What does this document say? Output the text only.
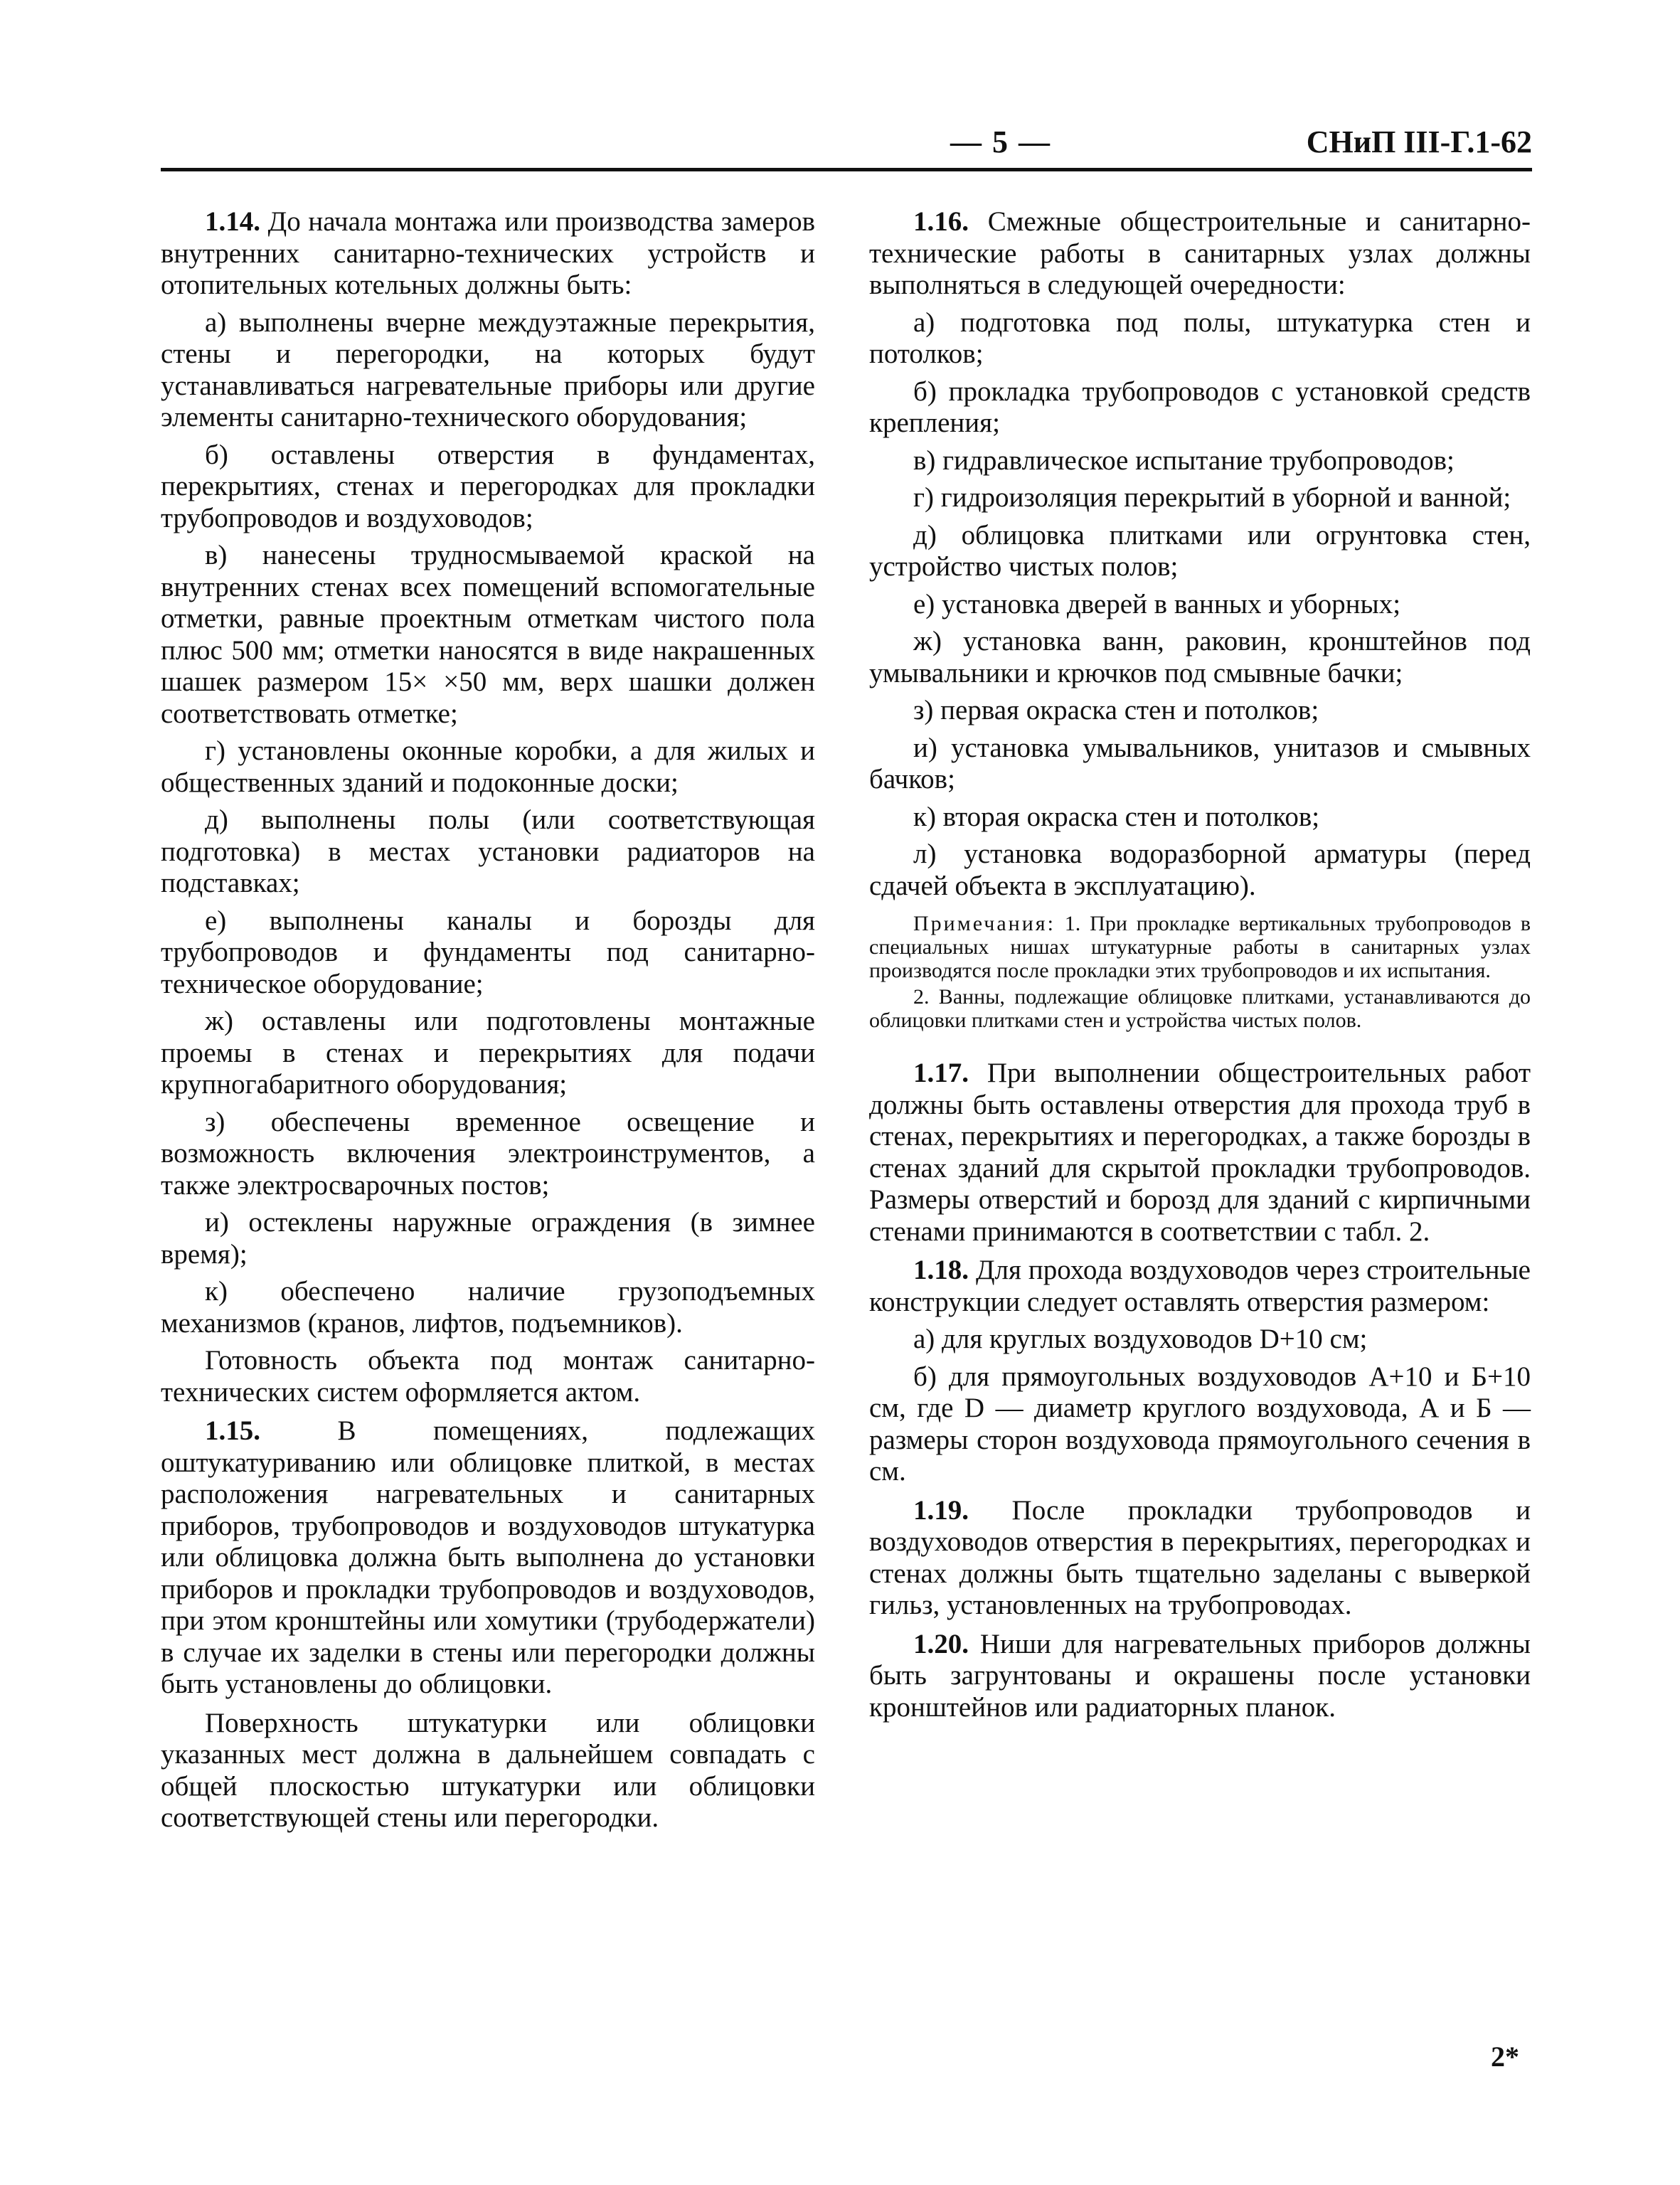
— 5 —	СНиП III-Г.1-62

1.14. До начала монтажа или производства замеров внутренних санитарно-технических устройств и отопительных котельных должны быть:

а) выполнены вчерне междуэтажные перекрытия, стены и перегородки, на которых будут устанавливаться нагревательные приборы или другие элементы санитарно-технического оборудования;

б) оставлены отверстия в фундаментах, перекрытиях, стенах и перегородках для прокладки трубопроводов и воздуховодов;

в) нанесены трудносмываемой краской на внутренних стенах всех помещений вспомогательные отметки, равные проектным отметкам чистого пола плюс 500 мм; отметки наносятся в виде накрашенных шашек размером 15× ×50 мм, верх шашки должен соответствовать отметке;

г) установлены оконные коробки, а для жилых и общественных зданий и подоконные доски;

д) выполнены полы (или соответствующая подготовка) в местах установки радиаторов на подставках;

е) выполнены каналы и борозды для трубопроводов и фундаменты под санитарно-техническое оборудование;

ж) оставлены или подготовлены монтажные проемы в стенах и перекрытиях для подачи крупногабаритного оборудования;

з) обеспечены временное освещение и возможность включения электроинструментов, а также электросварочных постов;

и) остеклены наружные ограждения (в зимнее время);

к) обеспечено наличие грузоподъемных механизмов (кранов, лифтов, подъемников).

Готовность объекта под монтаж санитарно-технических систем оформляется актом.

1.15.	В помещениях, подлежащих оштукатуриванию или облицовке плиткой, в местах расположения нагревательных и санитарных приборов, трубопроводов и воздуховодов штукатурка или облицовка должна быть выполнена до установки приборов и прокладки трубопроводов и воздуховодов, при этом кронштейны или хомутики (трубодержатели) в случае их заделки в стены или перегородки должны быть установлены до облицовки.

Поверхность штукатурки или облицовки указанных мест должна в дальнейшем совпадать с общей плоскостью штукатурки или облицовки соответствующей стены или перегородки.

1.16. Смежные общестроительные и санитарно-технические работы в санитарных узлах должны выполняться в следующей очередности:

а) подготовка под полы, штукатурка стен и потолков;

б) прокладка трубопроводов с установкой средств крепления;

в) гидравлическое испытание трубопроводов;

г) гидроизоляция перекрытий в уборной и ванной;

д) облицовка плитками или огрунтовка стен, устройство чистых полов;

е) установка дверей в ванных и уборных;

ж) установка ванн, раковин, кронштейнов под умывальники и крючков под смывные бачки;

з) первая окраска стен и потолков;

и) установка умывальников, унитазов и смывных бачков;

к) вторая окраска стен и потолков;

л) установка водоразборной арматуры (перед сдачей объекта в эксплуатацию).

Примечания: 1. При прокладке вертикальных трубопроводов в специальных нишах штукатурные работы в санитарных узлах производятся после прокладки этих трубопроводов и их испытания.

2. Ванны, подлежащие облицовке плитками, устанавливаются до облицовки плитками стен и устройства чистых полов.

1.17. При выполнении общестроительных работ должны быть оставлены отверстия для прохода труб в стенах, перекрытиях и перегородках, а также борозды в стенах зданий для скрытой прокладки трубопроводов. Размеры отверстий и борозд для зданий с кирпичными стенами принимаются в соответствии с табл. 2.

1.18. Для прохода воздуховодов через строительные конструкции следует оставлять отверстия размером:

а) для круглых воздуховодов D+10 см;

б) для прямоугольных воздуховодов А+10 и Б+10 см, где D — диаметр круглого воздуховода, А и Б — размеры сторон воздуховода прямоугольного сечения в см.

1.19. После прокладки трубопроводов и воздуховодов отверстия в перекрытиях, перегородках и стенах должны быть тщательно заделаны с выверкой гильз, установленных на трубопроводах.

1.20. Ниши для нагревательных приборов должны быть загрунтованы и окрашены после установки кронштейнов или радиаторных планок.

2*
